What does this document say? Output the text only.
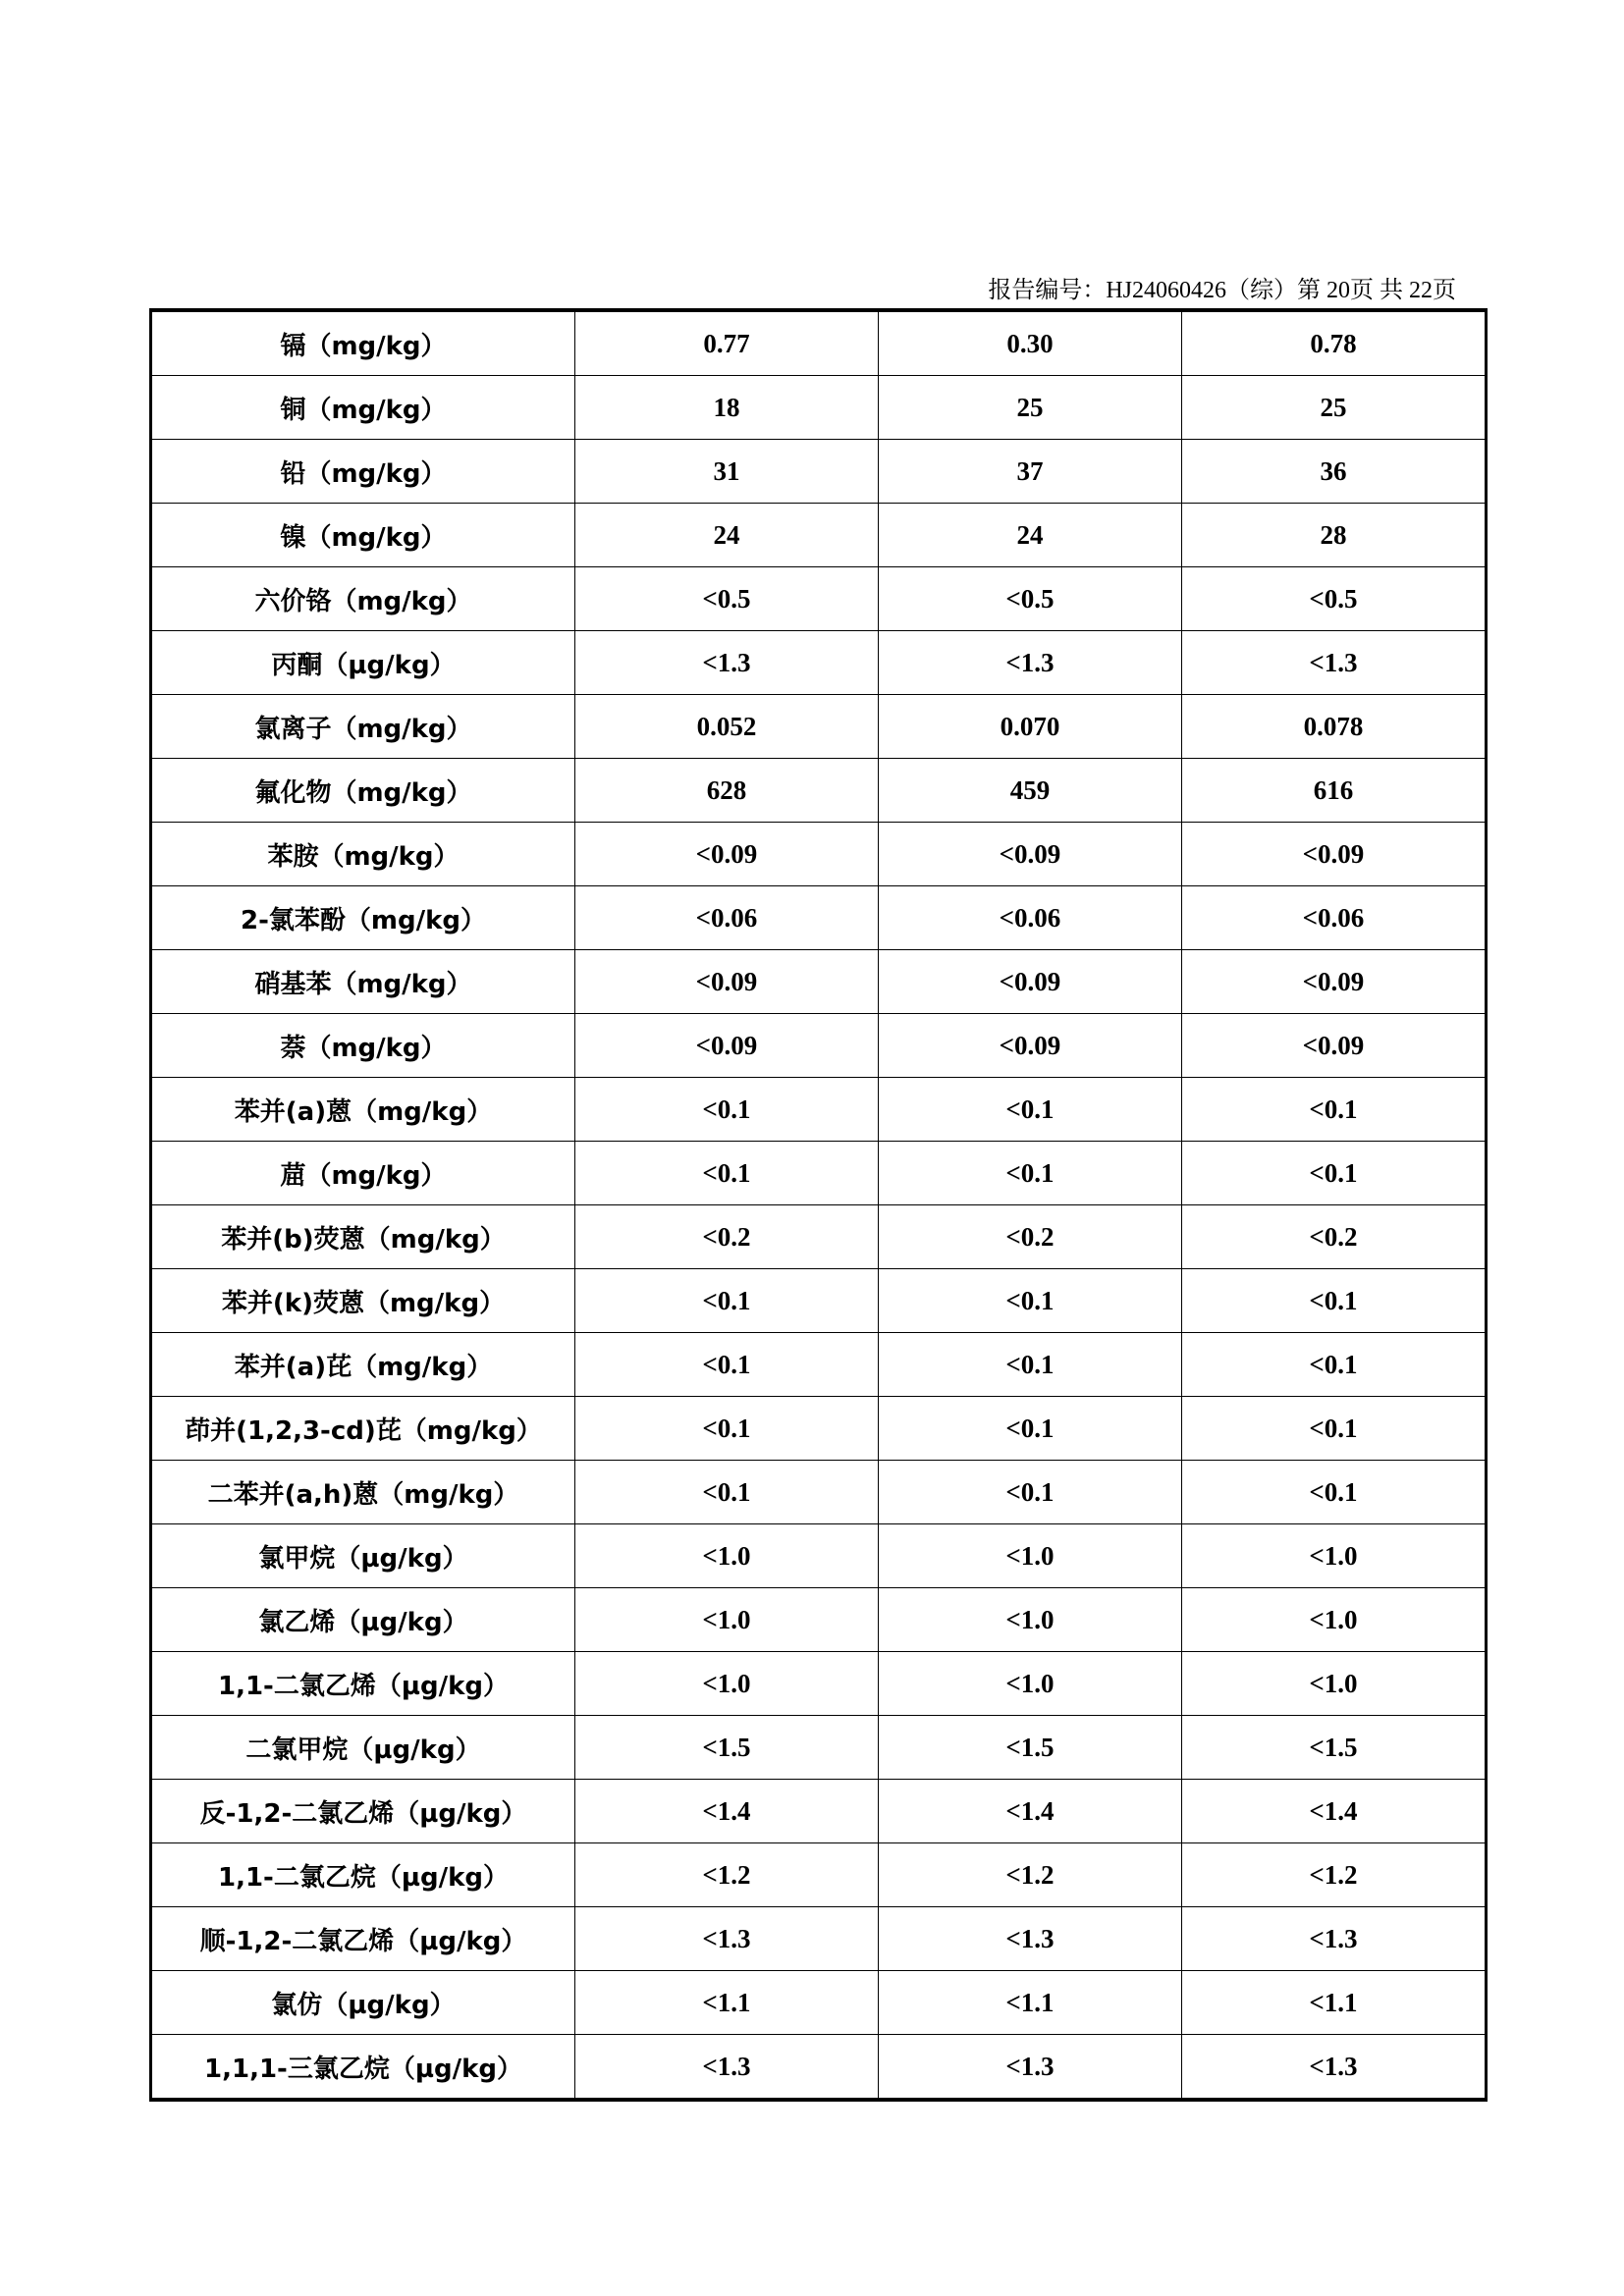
报告编号：HJ24060426（综）第 20页 共 22页
镉（mg/kg）	0.77	0.30	0.78
铜（mg/kg）	18	25	25
铅（mg/kg）	31	37	36
镍（mg/kg）	24	24	28
六价铬（mg/kg）	<0.5	<0.5	<0.5
丙酮（µg/kg）	<1.3	<1.3	<1.3
氯离子（mg/kg）	0.052	0.070	0.078
氟化物（mg/kg）	628	459	616
苯胺（mg/kg）	<0.09	<0.09	<0.09
2-氯苯酚（mg/kg）	<0.06	<0.06	<0.06
硝基苯（mg/kg）	<0.09	<0.09	<0.09
萘（mg/kg）	<0.09	<0.09	<0.09
苯并(a)蒽（mg/kg）	<0.1	<0.1	<0.1
䓛（mg/kg）	<0.1	<0.1	<0.1
苯并(b)荧蒽（mg/kg）	<0.2	<0.2	<0.2
苯并(k)荧蒽（mg/kg）	<0.1	<0.1	<0.1
苯并(a)芘（mg/kg）	<0.1	<0.1	<0.1
茚并(1,2,3-cd)芘（mg/kg）	<0.1	<0.1	<0.1
二苯并(a,h)蒽（mg/kg）	<0.1	<0.1	<0.1
氯甲烷（µg/kg）	<1.0	<1.0	<1.0
氯乙烯（µg/kg）	<1.0	<1.0	<1.0
1,1-二氯乙烯（µg/kg）	<1.0	<1.0	<1.0
二氯甲烷（µg/kg）	<1.5	<1.5	<1.5
反-1,2-二氯乙烯（µg/kg）	<1.4	<1.4	<1.4
1,1-二氯乙烷（µg/kg）	<1.2	<1.2	<1.2
顺-1,2-二氯乙烯（µg/kg）	<1.3	<1.3	<1.3
氯仿（µg/kg）	<1.1	<1.1	<1.1
1,1,1-三氯乙烷（µg/kg）	<1.3	<1.3	<1.3
